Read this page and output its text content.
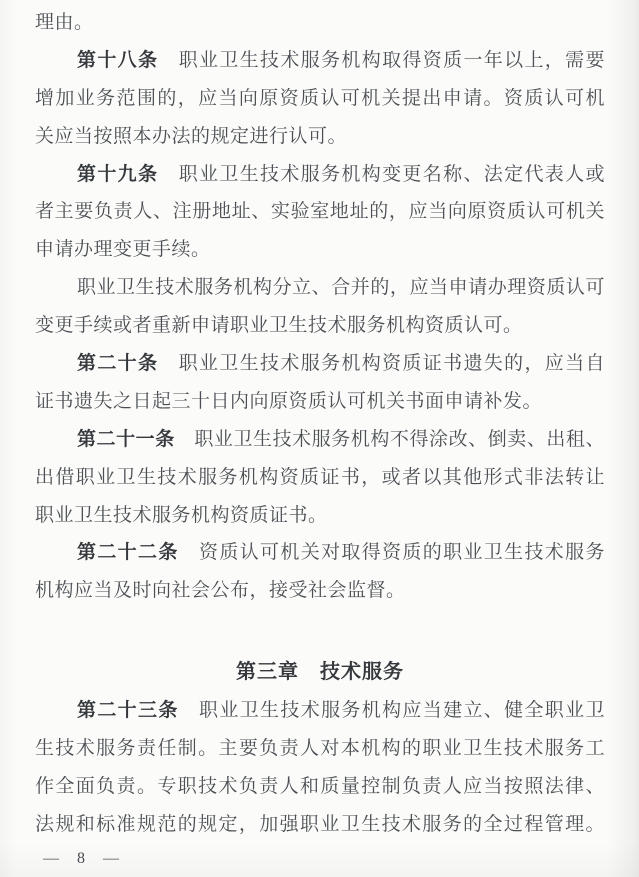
理由。
第十八条　职业卫生技术服务机构取得资质一年以上，需要
增加业务范围的，应当向原资质认可机关提出申请。资质认可机
关应当按照本办法的规定进行认可。
第十九条　职业卫生技术服务机构变更名称、法定代表人或
者主要负责人、注册地址、实验室地址的，应当向原资质认可机关
申请办理变更手续。
职业卫生技术服务机构分立、合并的，应当申请办理资质认可
变更手续或者重新申请职业卫生技术服务机构资质认可。
第二十条　职业卫生技术服务机构资质证书遗失的，应当自
证书遗失之日起三十日内向原资质认可机关书面申请补发。
第二十一条　职业卫生技术服务机构不得涂改、倒卖、出租、
出借职业卫生技术服务机构资质证书，或者以其他形式非法转让
职业卫生技术服务机构资质证书。
第二十二条　资质认可机关对取得资质的职业卫生技术服务
机构应当及时向社会公布，接受社会监督。
第三章　技术服务
第二十三条　职业卫生技术服务机构应当建立、健全职业卫
生技术服务责任制。主要负责人对本机构的职业卫生技术服务工
作全面负责。专职技术负责人和质量控制负责人应当按照法律、
法规和标准规范的规定，加强职业卫生技术服务的全过程管理。
— 8 —
